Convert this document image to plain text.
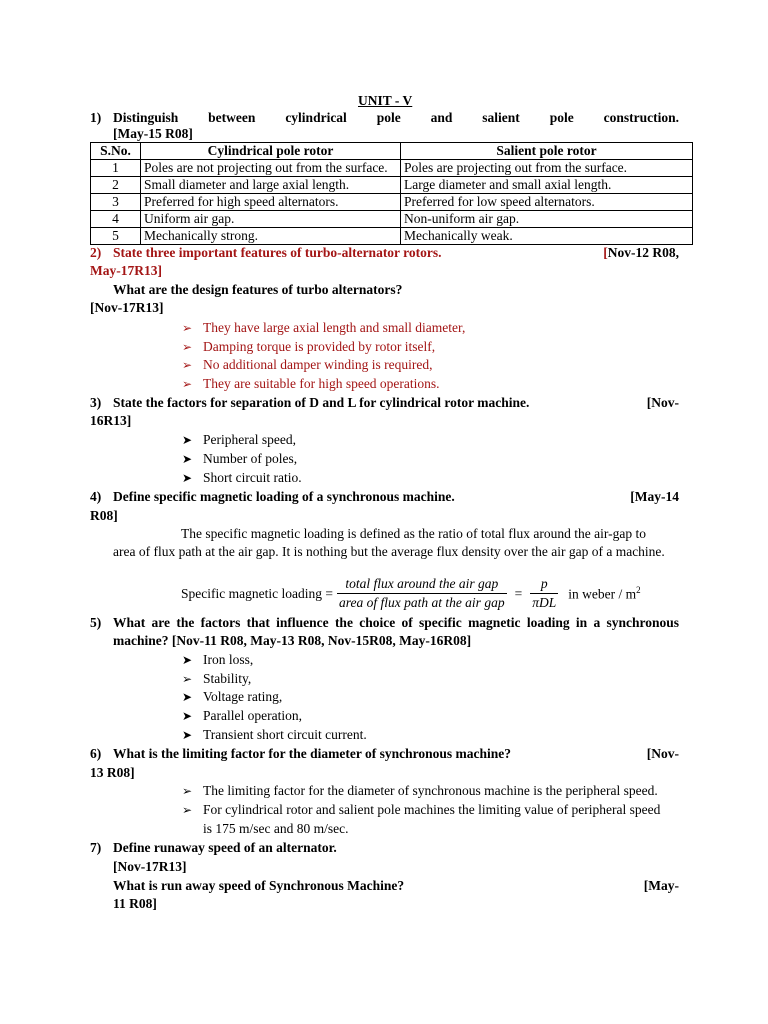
UNIT - V
1) Distinguish between cylindrical pole and salient pole construction.
[May-15 R08]
S.No.	Cylindrical pole rotor	Salient pole rotor
1	Poles are not projecting out from the surface.	Poles are projecting out from the surface.
2	Small diameter and large axial length.	Large diameter and small axial length.
3	Preferred for high speed alternators.	Preferred for low speed alternators.
4	Uniform air gap.	Non-uniform air gap.
5	Mechanically strong.	Mechanically weak.
2) State three important features of turbo-alternator rotors.	[Nov-12 R08,
May-17R13]
What are the design features of turbo alternators?
[Nov-17R13]
➢ They have large axial length and small diameter,
➢ Damping torque is provided by rotor itself,
➢ No additional damper winding is required,
➢ They are suitable for high speed operations.
3) State the factors for separation of D and L for cylindrical rotor machine.	[Nov-
16R13]
➤ Peripheral speed,
➤ Number of poles,
➤ Short circuit ratio.
4) Define specific magnetic loading of a synchronous machine.	[May-14
R08]
The specific magnetic loading is defined as the ratio of total flux around the air-gap to
area of flux path at the air gap. It is nothing but the average flux density over the air gap of a machine.
Specific magnetic loading = $\frac{\text{total flux around the air gap}}{\text{area of flux path at the air gap}} = \frac{p}{\text{πDL}}$ in weber / $m^2$
5) What are the factors that influence the choice of specific magnetic loading in a synchronous
machine? [Nov-11 R08, May-13 R08, Nov-15R08, May-16R08]
➤ Iron loss,
➢ Stability,
➤ Voltage rating,
➤ Parallel operation,
➤ Transient short circuit current.
6) What is the limiting factor for the diameter of synchronous machine?	[Nov-
13 R08]
➢ The limiting factor for the diameter of synchronous machine is the peripheral speed.
➢ For cylindrical rotor and salient pole machines the limiting value of peripheral speed
is 175 m/sec and 80 m/sec.
7) Define runaway speed of an alternator.
[Nov-17R13]
What is run away speed of Synchronous Machine?	[May-
11 R08]
